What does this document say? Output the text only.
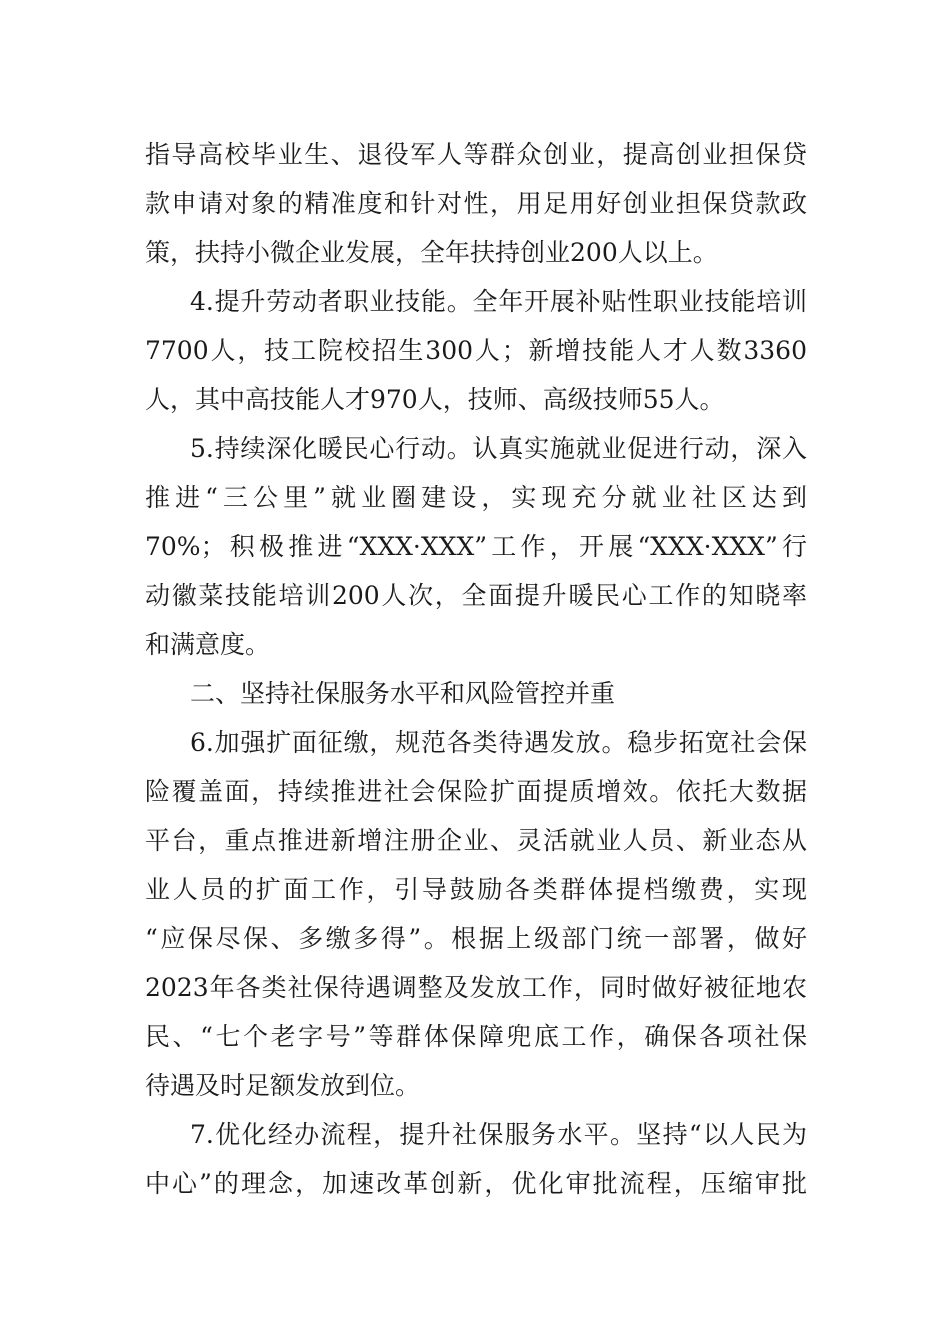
指导高校毕业生、退役军人等群众创业，提高创业担保贷
款申请对象的精准度和针对性，用足用好创业担保贷款政
策，扶持小微企业发展，全年扶持创业200人以上。
4.提升劳动者职业技能。全年开展补贴性职业技能培训
7700人，技工院校招生300人；新增技能人才人数3360
人，其中高技能人才970人，技师、高级技师55人。
5.持续深化暖民心行动。认真实施就业促进行动，深入
推进“三公里”就业圈建设，实现充分就业社区达到
70%；积极推进“XXX·XXX”工作，开展“XXX·XXX”行
动徽菜技能培训200人次，全面提升暖民心工作的知晓率
和满意度。
二、坚持社保服务水平和风险管控并重
6.加强扩面征缴，规范各类待遇发放。稳步拓宽社会保
险覆盖面，持续推进社会保险扩面提质增效。依托大数据
平台，重点推进新增注册企业、灵活就业人员、新业态从
业人员的扩面工作，引导鼓励各类群体提档缴费，实现
“应保尽保、多缴多得”。根据上级部门统一部署，做好
2023年各类社保待遇调整及发放工作，同时做好被征地农
民、“七个老字号”等群体保障兜底工作，确保各项社保
待遇及时足额发放到位。
7.优化经办流程，提升社保服务水平。坚持“以人民为
中心”的理念，加速改革创新，优化审批流程，压缩审批
